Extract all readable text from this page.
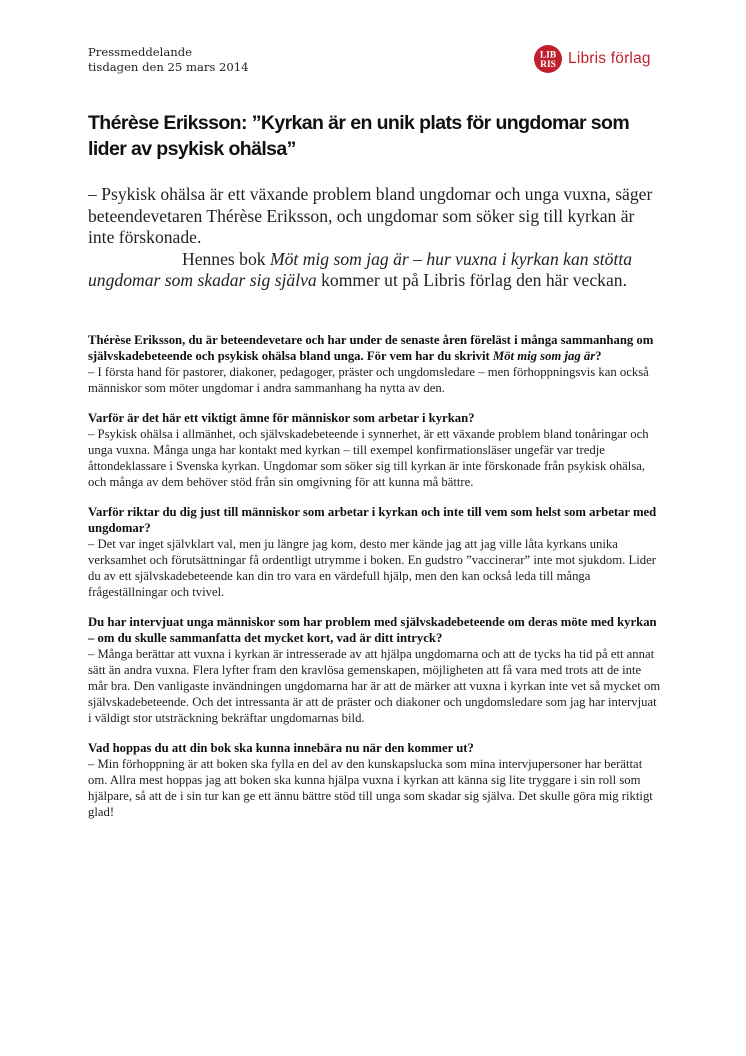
Pressmeddelande
tisdagen den 25 mars 2014
LIB
RIS Libris förlag
Thérèse Eriksson: ”Kyrkan är en unik plats för ungdomar som lider av psykisk ohälsa”

– Psykisk ohälsa är ett växande problem bland ungdomar och unga vuxna, säger beteendevetaren Thérèse Eriksson, och ungdomar som söker sig till kyrkan är inte förskonade.

Hennes bok Möt mig som jag är – hur vuxna i kyrkan kan stötta ungdomar som skadar sig själva kommer ut på Libris förlag den här veckan.

Thérèse Eriksson, du är beteendevetare och har under de senaste åren föreläst i många sammanhang om självskadebeteende och psykisk ohälsa bland unga. För vem har du skrivit Möt mig som jag är?
– I första hand för pastorer, diakoner, pedagoger, präster och ungdomsledare – men förhoppningsvis kan också människor som möter ungdomar i andra sammanhang ha nytta av den.
Varför är det här ett viktigt ämne för människor som arbetar i kyrkan?
– Psykisk ohälsa i allmänhet, och självskadebeteende i synnerhet, är ett växande problem bland tonåringar och unga vuxna. Många unga har kontakt med kyrkan – till exempel konfirmationsläser ungefär var tredje åttondeklassare i Svenska kyrkan. Ungdomar som söker sig till kyrkan är inte förskonade från psykisk ohälsa, och många av dem behöver stöd från sin omgivning för att kunna må bättre.
Varför riktar du dig just till människor som arbetar i kyrkan och inte till vem som helst som arbetar med ungdomar?
– Det var inget självklart val, men ju längre jag kom, desto mer kände jag att jag ville låta kyrkans unika verksamhet och förutsättningar få ordentligt utrymme i boken. En gudstro ”vaccinerar” inte mot sjukdom. Lider du av ett självskadebeteende kan din tro vara en värdefull hjälp, men den kan också leda till många frågeställningar och tvivel.
Du har intervjuat unga människor som har problem med självskadebeteende om deras möte med kyrkan – om du skulle sammanfatta det mycket kort, vad är ditt intryck?
– Många berättar att vuxna i kyrkan är intresserade av att hjälpa ungdomarna och att de tycks ha tid på ett annat sätt än andra vuxna. Flera lyfter fram den kravlösa gemenskapen, möjligheten att få vara med trots att de inte mår bra. Den vanligaste invändningen ungdomarna har är att de märker att vuxna i kyrkan inte vet så mycket om självskadebeteende. Och det intressanta är att de präster och diakoner och ungdomsledare som jag har intervjuat i väldigt stor utsträckning bekräftar ungdomarnas bild.
Vad hoppas du att din bok ska kunna innebära nu när den kommer ut?
– Min förhoppning är att boken ska fylla en del av den kunskapslucka som mina intervjupersoner har berättat om. Allra mest hoppas jag att boken ska kunna hjälpa vuxna i kyrkan att känna sig lite tryggare i sin roll som hjälpare, så att de i sin tur kan ge ett ännu bättre stöd till unga som skadar sig själva. Det skulle göra mig riktigt glad!
